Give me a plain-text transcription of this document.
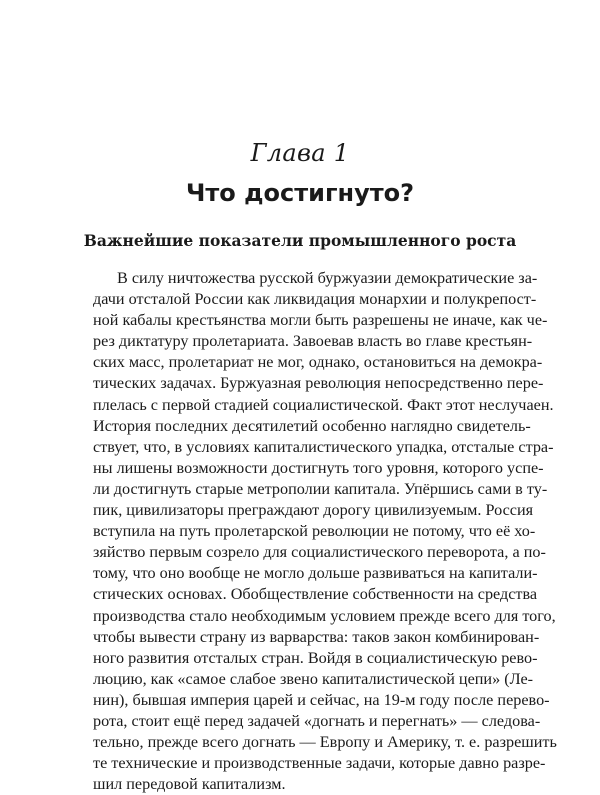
Глава 1
Что достигнуто?
Важнейшие показатели промышленного роста
В силу ничтожества русской буржуазии демократические за-
дачи отсталой России как ликвидация монархии и полукрепост-
ной кабалы крестьянства могли быть разрешены не иначе, как че-
рез диктатуру пролетариата. Завоевав власть во главе крестьян-
ских масс, пролетариат не мог, однако, остановиться на демокра-
тических задачах. Буржуазная революция непосредственно пере-
плелась с первой стадией социалистической. Факт этот неслучаен.
История последних десятилетий особенно наглядно свидетель-
ствует, что, в условиях капиталистического упадка, отсталые стра-
ны лишены возможности достигнуть того уровня, которого успе-
ли достигнуть старые метрополии капитала. Упёршись сами в ту-
пик, цивилизаторы преграждают дорогу цивилизуемым. Россия
вступила на путь пролетарской революции не потому, что её хо-
зяйство первым созрело для социалистического переворота, а по-
тому, что оно вообще не могло дольше развиваться на капитали-
стических основах. Обобществление собственности на средства
производства стало необходимым условием прежде всего для того,
чтобы вывести страну из варварства: таков закон комбинирован-
ного развития отсталых стран. Войдя в социалистическую рево-
люцию, как «самое слабое звено капиталистической цепи» (Ле-
нин), бывшая империя царей и сейчас, на 19-м году после перево-
рота, стоит ещё перед задачей «догнать и перегнать» — следова-
тельно, прежде всего догнать — Европу и Америку, т. е. разрешить
те технические и производственные задачи, которые давно разре-
шил передовой капитализм.
